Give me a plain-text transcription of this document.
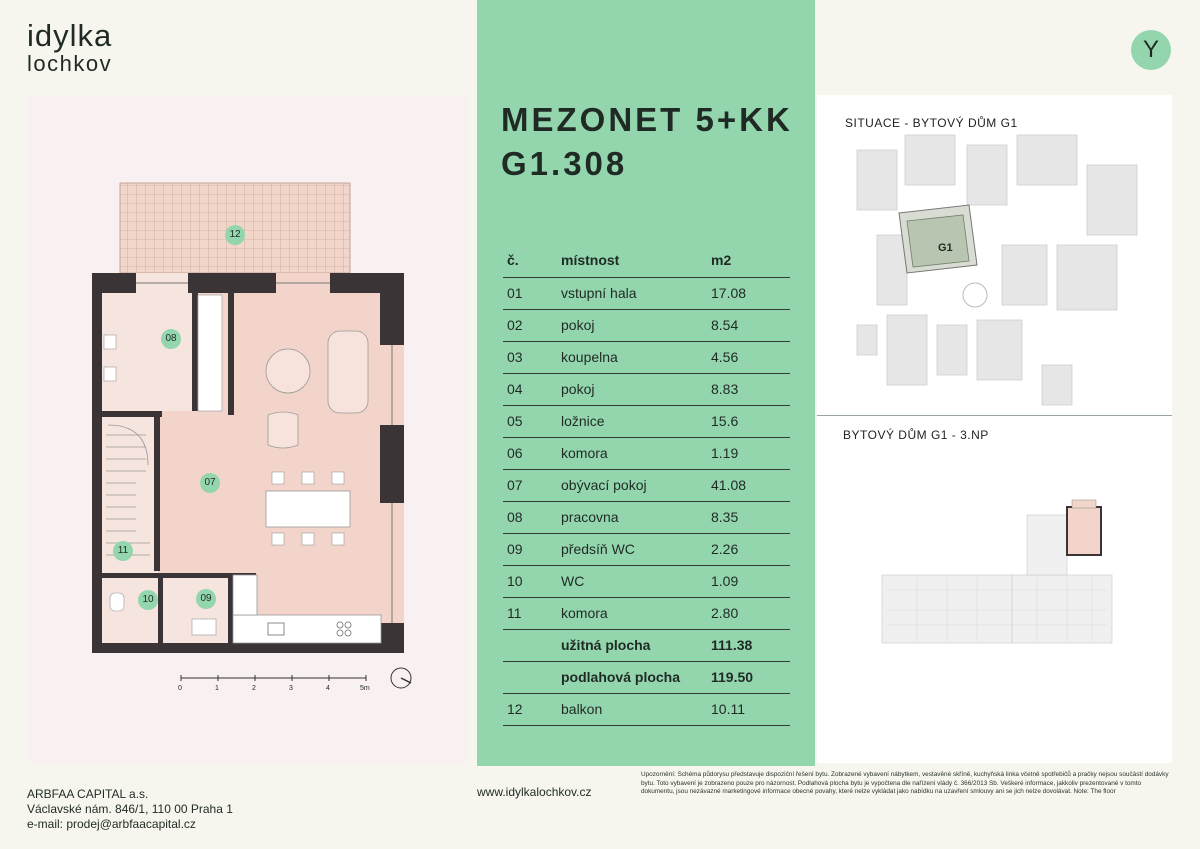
idylka
lochkov
Y
12
08
07
11
10	09
0	1	2	3	4	5m
MEZONET 5+KK
G1.308
č.	místnost	m2
01	vstupní hala	17.08
02	pokoj	8.54
03	koupelna	4.56
04	pokoj	8.83
05	ložnice	15.6
06	komora	1.19
07	obývací pokoj	41.08
08	pracovna	8.35
09	předsíň WC	2.26
10	WC	1.09
11	komora	2.80
	užitná plocha	111.38
	podlahová plocha	119.50
12	balkon	10.11
G1
SITUACE - BYTOVÝ DŮM G1
BYTOVÝ DŮM G1 - 3.NP
ARBFAA CAPITAL a.s.
Václavské nám. 846/1, 110 00 Praha 1
e-mail: prodej@arbfaacapital.cz
www.idylkalochkov.cz
Upozornění: Schéma půdorysu představuje dispoziční řešení bytu. Zobrazené vybavení nábytkem, vestavěné skříně, kuchyňská linka včetně spotřebičů a pračky nejsou součástí dodávky bytu. Toto vybavení je zobrazeno pouze pro názornost. Podlahová plocha bytu je vypočtena dle nařízení vlády č. 366/2013 Sb. Veškeré informace, jakkoliv prezentované v tomto dokumentu, jsou nezávazné marketingové informace obecné povahy, které nelze vykládat jako nabídku na uzavření smlouvy ani se jich nelze dovolávat. Note: The floor
